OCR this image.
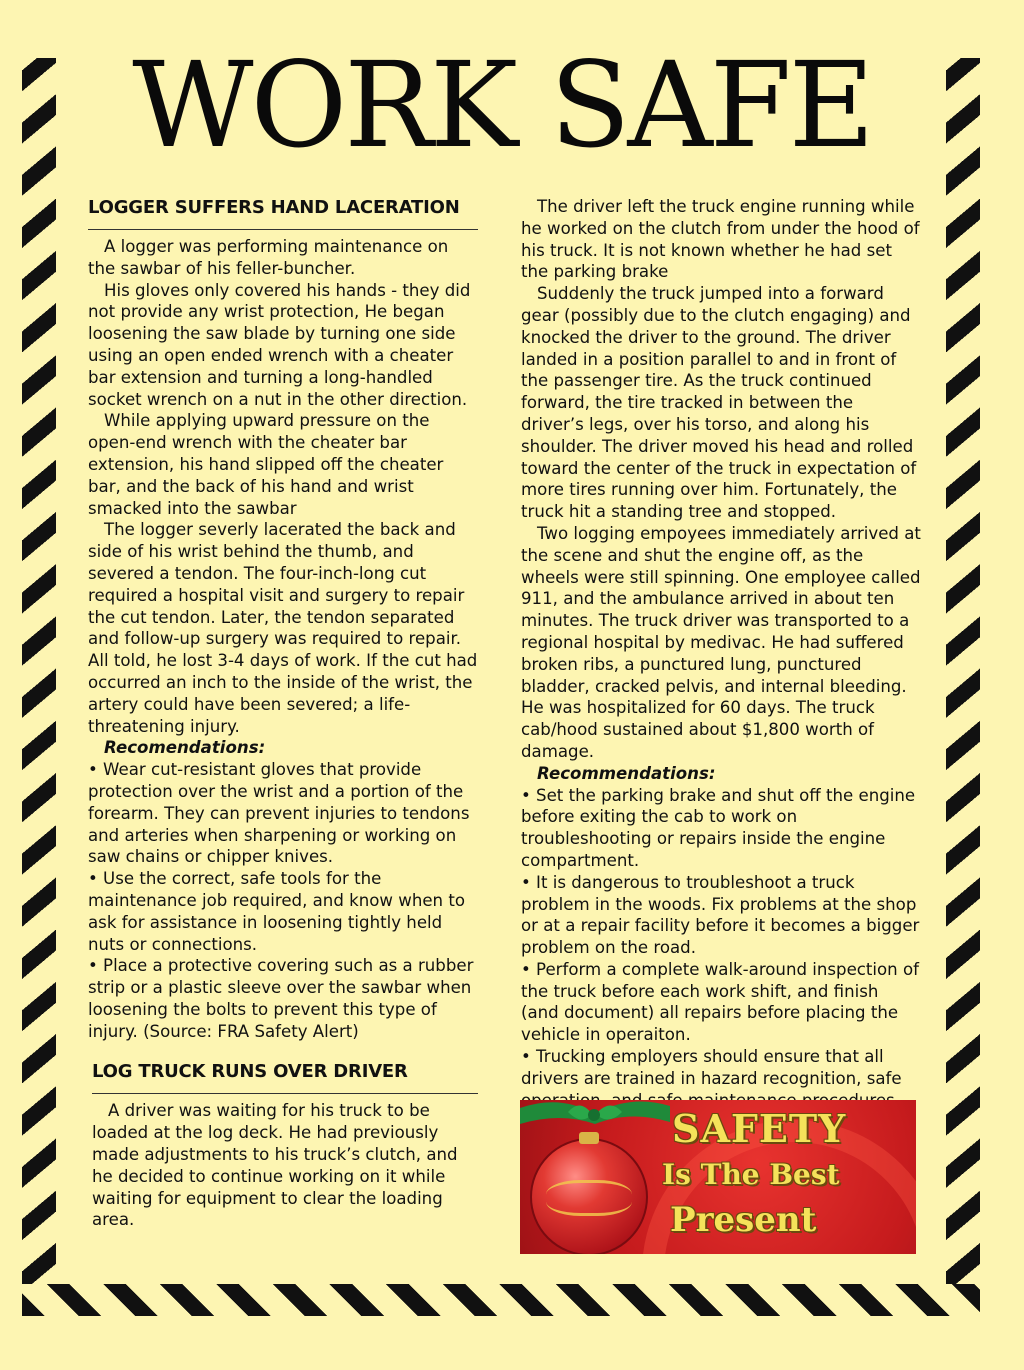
WORK SAFE
LOGGER SUFFERS HAND LACERATION

A logger was performing maintenance on the sawbar of his feller-buncher.

His gloves only covered his hands - they did not provide any wrist protection, He began loosening the saw blade by turning one side using an open ended wrench with a cheater bar extension and turning a long-handled socket wrench on a nut in the other direction.

While applying upward pressure on the open-end wrench with the cheater bar extension, his hand slipped off the cheater bar, and the back of his hand and wrist smacked into the sawbar

The logger severly lacerated the back and side of his wrist behind the thumb, and severed a tendon. The four-inch-long cut required a hospital visit and surgery to repair the cut tendon. Later, the tendon separated and follow-up surgery was required to repair. All told, he lost 3-4 days of work. If the cut had occurred an inch to the inside of the wrist, the artery could have been severed; a life-threatening injury.

Recomendations:

• Wear cut-resistant gloves that provide protection over the wrist and a portion of the forearm. They can prevent injuries to tendons and arteries when sharpening or working on saw chains or chipper knives.

• Use the correct, safe tools for the maintenance job required, and know when to ask for assistance in loosening tightly held nuts or connections.

• Place a protective covering such as a rubber strip or a plastic sleeve over the sawbar when loosening the bolts to prevent this type of injury. (Source: FRA Safety Alert)

LOG TRUCK RUNS OVER DRIVER

A driver was waiting for his truck to be loaded at the log deck. He had previously made adjustments to his truck’s clutch, and he decided to continue working on it while waiting for equipment to clear the loading area.

The driver left the truck engine running while he worked on the clutch from under the hood of his truck. It is not known whether he had set the parking brake

Suddenly the truck jumped into a forward gear (possibly due to the clutch engaging) and knocked the driver to the ground. The driver landed in a position parallel to and in front of the passenger tire. As the truck continued forward, the tire tracked in between the driver’s legs, over his torso, and along his shoulder. The driver moved his head and rolled toward the center of the truck in expectation of more tires running over him. Fortunately, the truck hit a standing tree and stopped.

Two logging empoyees immediately arrived at the scene and shut the engine off, as the wheels were still spinning. One employee called 911, and the ambulance arrived in about ten minutes. The truck driver was transported to a regional hospital by medivac. He had suffered broken ribs, a punctured lung, punctured bladder, cracked pelvis, and internal bleeding. He was hospitalized for 60 days. The truck cab/hood sustained about $1,800 worth of damage.

Recommendations:

• Set the parking brake and shut off the engine before exiting the cab to work on troubleshooting or repairs inside the engine compartment.

• It is dangerous to troubleshoot a truck problem in the woods. Fix problems at the shop or at a repair facility before it becomes a bigger problem on the road.

• Perform a complete walk-around inspection of the truck before each work shift, and finish (and document) all repairs before placing the vehicle in operaiton.

• Trucking employers should ensure that all drivers are trained in hazard recognition, safe

SAFETY
Is The Best
Present
